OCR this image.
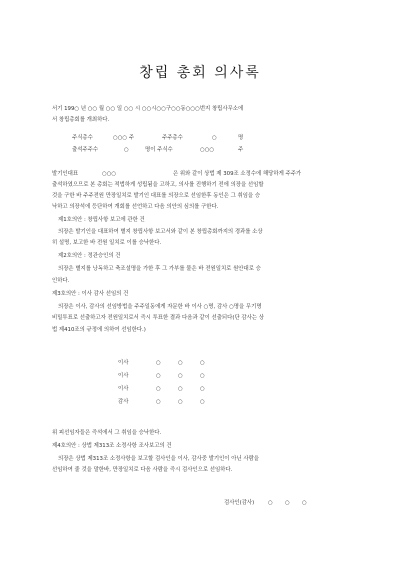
창립 총회 의사록
서기 199○ 년 ○○ 월 ○○ 일 ○○ 시 ○○시○○구○○동○○○번지 창립사무소에
서 창립총회를 개최하다.
주식총수	○○○ 주	주주총수	○	명
출석주주수	○	명이 주식수	○○○	주
발기인대표	○○○	은 위와 같이 상법 제 309조 소정수에 해당하게 주주가
출석하였으므로 본 총회는 적법하게 성립됨을 고하고, 의사를 진행하기 전에 의장을 선임할
것을 구한 바 주주전원 만장일치로 발기인 대표를 의장으로 선임한후 동인은 그 취임을 승
낙하고 의장석에 등단하여 개회를 선언하고 다음 의안의 심의를 구한다.
제1호의안 : 창립사항 보고에 관한 건
의장은 발기인을 대표하여 별지 창립사항 보고서와 같이 본 창립총회까지의 경과를 소상
히 설명, 보고한 바 전원 일치로 이를 승낙한다.
제2호의안 : 정관승인의 건
의장은 별지를 낭독하고 축조설명을 가한 후 그 가부를 물은 바 전원일치로 원안대로 승
인하다.
제3호의안 : 이사 감사 선임의 건
의장은 이사, 감사의 선임방법을 주주일동에게 자문한 바 이사 ○명, 감사 ○명을 무기명
비밀투표로 선출하고자 전원일치로서 즉시 투표한 결과 다음과 같이 선출되다(단 감사는 상
법 제410조의 규정에 의하여 선임한다.)
이사	○	○	○
이사	○	○	○
이사	○	○	○
감사	○	○	○
위 피선임자들은 즉석에서 그 취임을 승낙한다.
제4호의안 : 상법 제313조 소정사항 조사보고의 건
의장은 상법 제313조 소정사항을 보고할 검사인을 이사, 감사중 발기인이 아닌 사람을
선임하여 줄 것을 말한바, 만장일치로 다음 사람을 즉시 검사인으로 선임하다.
검사인(감사)	○ ○ ○
